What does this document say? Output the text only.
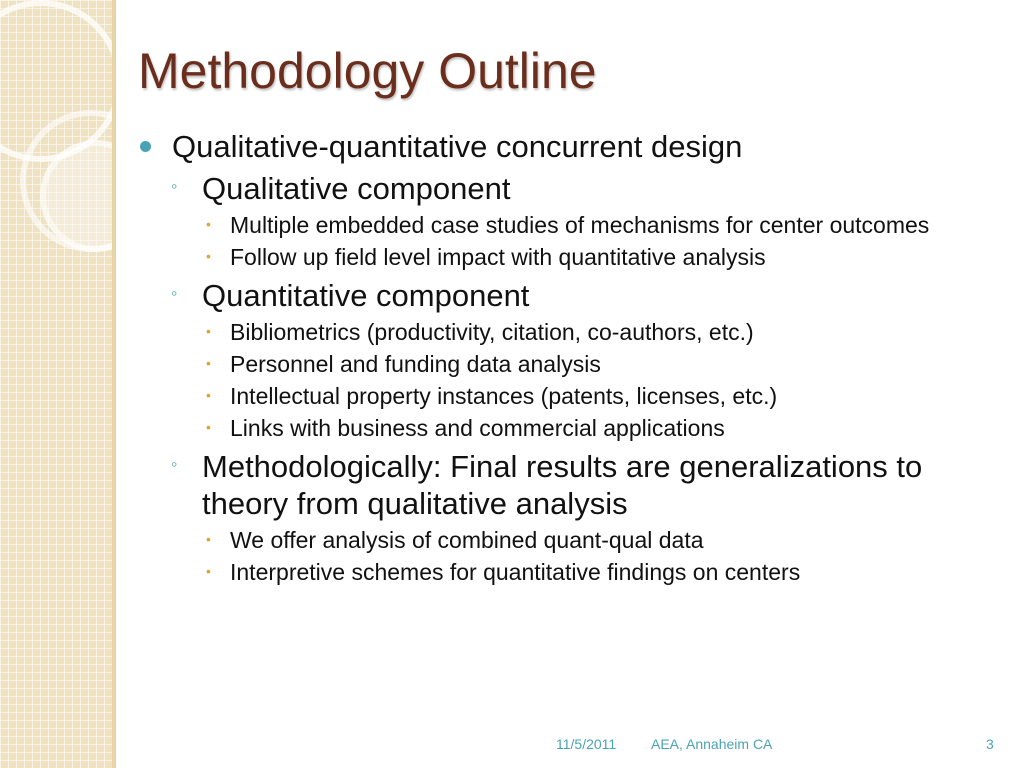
Methodology Outline
Qualitative-quantitative concurrent design
◦ Qualitative component
• Multiple embedded case studies of mechanisms for center outcomes
• Follow up field level impact with quantitative analysis
◦ Quantitative component
• Bibliometrics (productivity, citation, co-authors, etc.)
• Personnel and funding data analysis
• Intellectual property instances (patents, licenses, etc.)
• Links with business and commercial applications
◦ Methodologically: Final results are generalizations to theory from qualitative analysis
• We offer analysis of combined quant-qual data
• Interpretive schemes for quantitative findings on centers
11/5/2011 AEA, Annaheim CA	3
